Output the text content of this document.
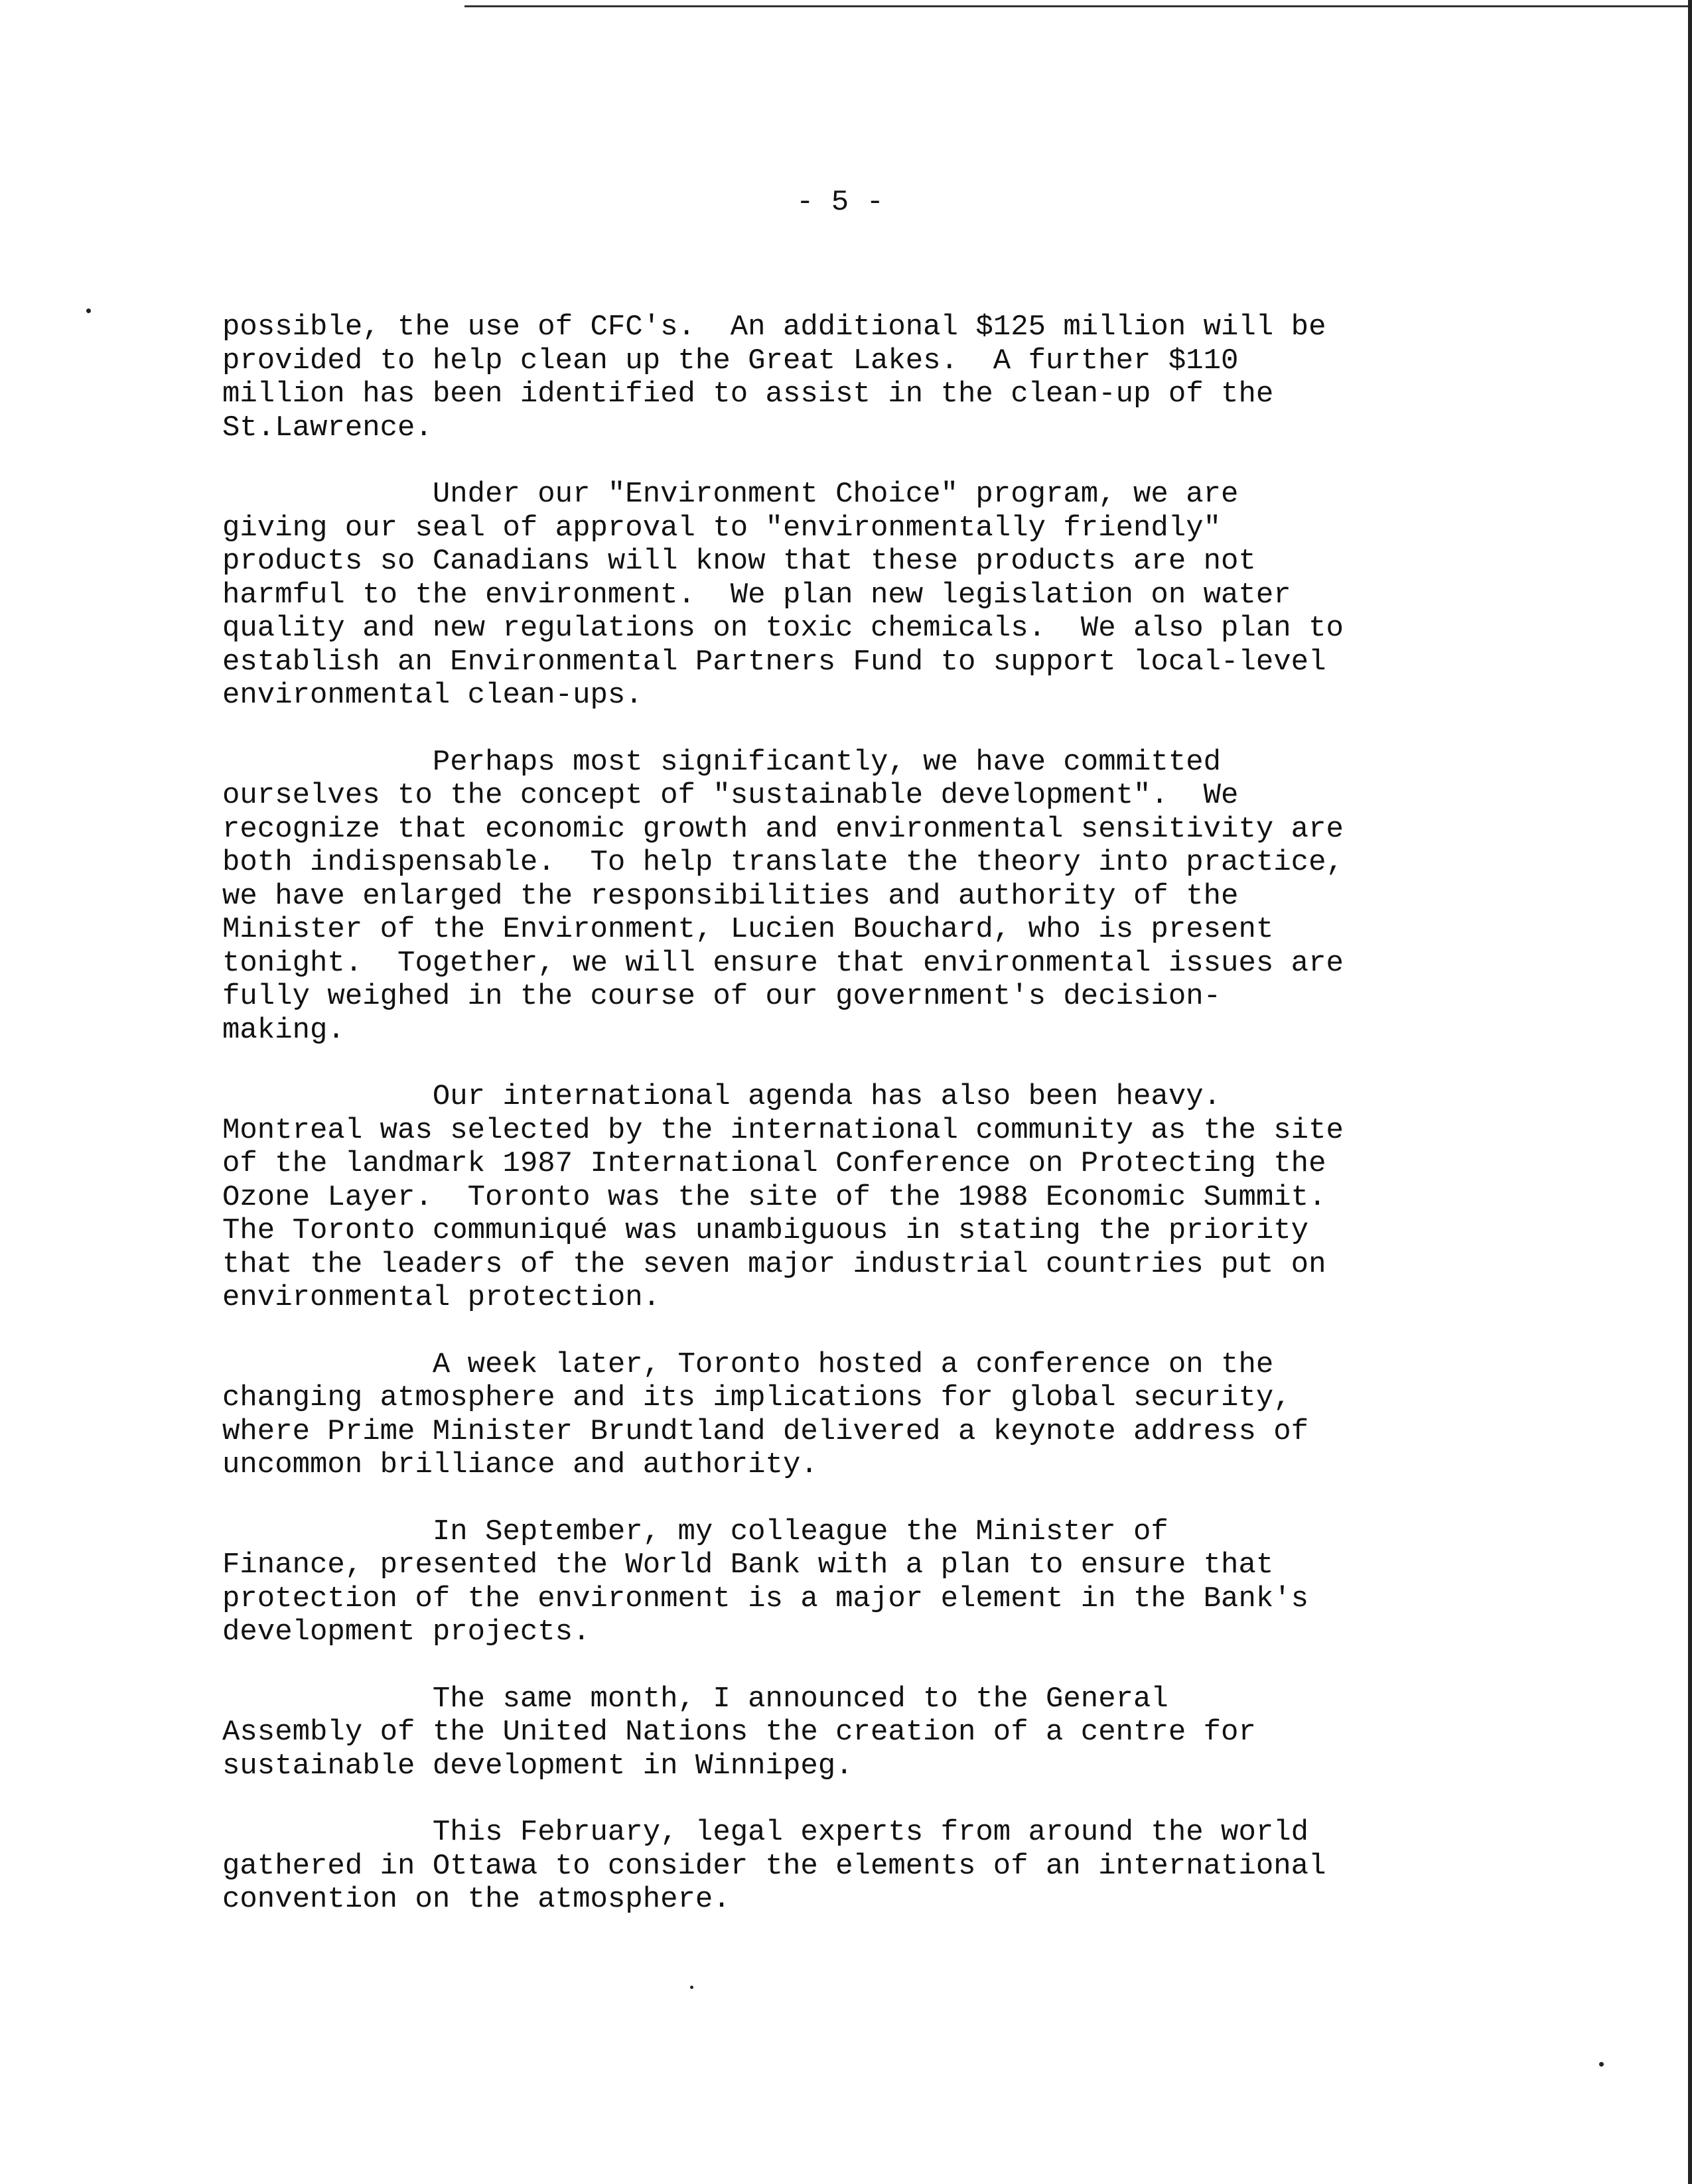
- 5 -

possible, the use of CFC's.  An additional $125 million will be
provided to help clean up the Great Lakes.  A further $110
million has been identified to assist in the clean-up of the
St.Lawrence.

Under our "Environment Choice" program, we are
giving our seal of approval to "environmentally friendly"
products so Canadians will know that these products are not
harmful to the environment.  We plan new legislation on water
quality and new regulations on toxic chemicals.  We also plan to
establish an Environmental Partners Fund to support local-level
environmental clean-ups.

Perhaps most significantly, we have committed
ourselves to the concept of "sustainable development".  We
recognize that economic growth and environmental sensitivity are
both indispensable.  To help translate the theory into practice,
we have enlarged the responsibilities and authority of the
Minister of the Environment, Lucien Bouchard, who is present
tonight.  Together, we will ensure that environmental issues are
fully weighed in the course of our government's decision-
making.

Our international agenda has also been heavy.
Montreal was selected by the international community as the site
of the landmark 1987 International Conference on Protecting the
Ozone Layer.  Toronto was the site of the 1988 Economic Summit.
The Toronto communiqué was unambiguous in stating the priority
that the leaders of the seven major industrial countries put on
environmental protection.

A week later, Toronto hosted a conference on the
changing atmosphere and its implications for global security,
where Prime Minister Brundtland delivered a keynote address of
uncommon brilliance and authority.

In September, my colleague the Minister of
Finance, presented the World Bank with a plan to ensure that
protection of the environment is a major element in the Bank's
development projects.

The same month, I announced to the General
Assembly of the United Nations the creation of a centre for
sustainable development in Winnipeg.

This February, legal experts from around the world
gathered in Ottawa to consider the elements of an international
convention on the atmosphere.
